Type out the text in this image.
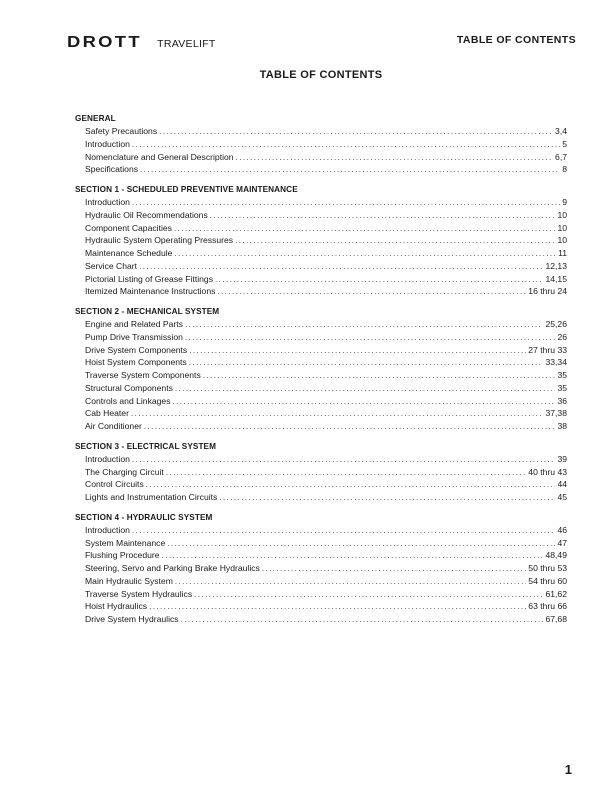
DROTT TRAVELIFT	TABLE OF CONTENTS
TABLE OF CONTENTS
GENERAL
Safety Precautions . . .	3,4
Introduction . . .	5
Nomenclature and General Description . . .	6,7
Specifications . . .	8
SECTION 1 - SCHEDULED PREVENTIVE MAINTENANCE
Introduction . . .	9
Hydraulic Oil Recommendations . . .	10
Component Capacities . . .	10
Hydraulic System Operating Pressures . . .	10
Maintenance Schedule . . .	11
Service Chart . . .	12,13
Pictorial Listing of Grease Fittings . . .	14,15
Itemized Maintenance Instructions . . .	16 thru 24
SECTION 2 - MECHANICAL SYSTEM
Engine and Related Parts . . .	25,26
Pump Drive Transmission . . .	26
Drive System Components . . .	27 thru 33
Hoist System Components . . .	33,34
Traverse System Components . . .	35
Structural Components . . .	35
Controls and Linkages . . .	36
Cab Heater . . .	37,38
Air Conditioner . . .	38
SECTION 3 - ELECTRICAL SYSTEM
Introduction . . .	39
The Charging Circuit . . .	40 thru 43
Control Circuits . . .	44
Lights and Instrumentation Circuits . . .	45
SECTION 4 - HYDRAULIC SYSTEM
Introduction . . .	46
System Maintenance . . .	47
Flushing Procedure . . .	48,49
Steering, Servo and Parking Brake Hydraulics . . .	50 thru 53
Main Hydraulic System . . .	54 thru 60
Traverse System Hydraulics . . .	61,62
Hoist Hydraulics . . .	63 thru 66
Drive System Hydraulics . . .	67,68
1
